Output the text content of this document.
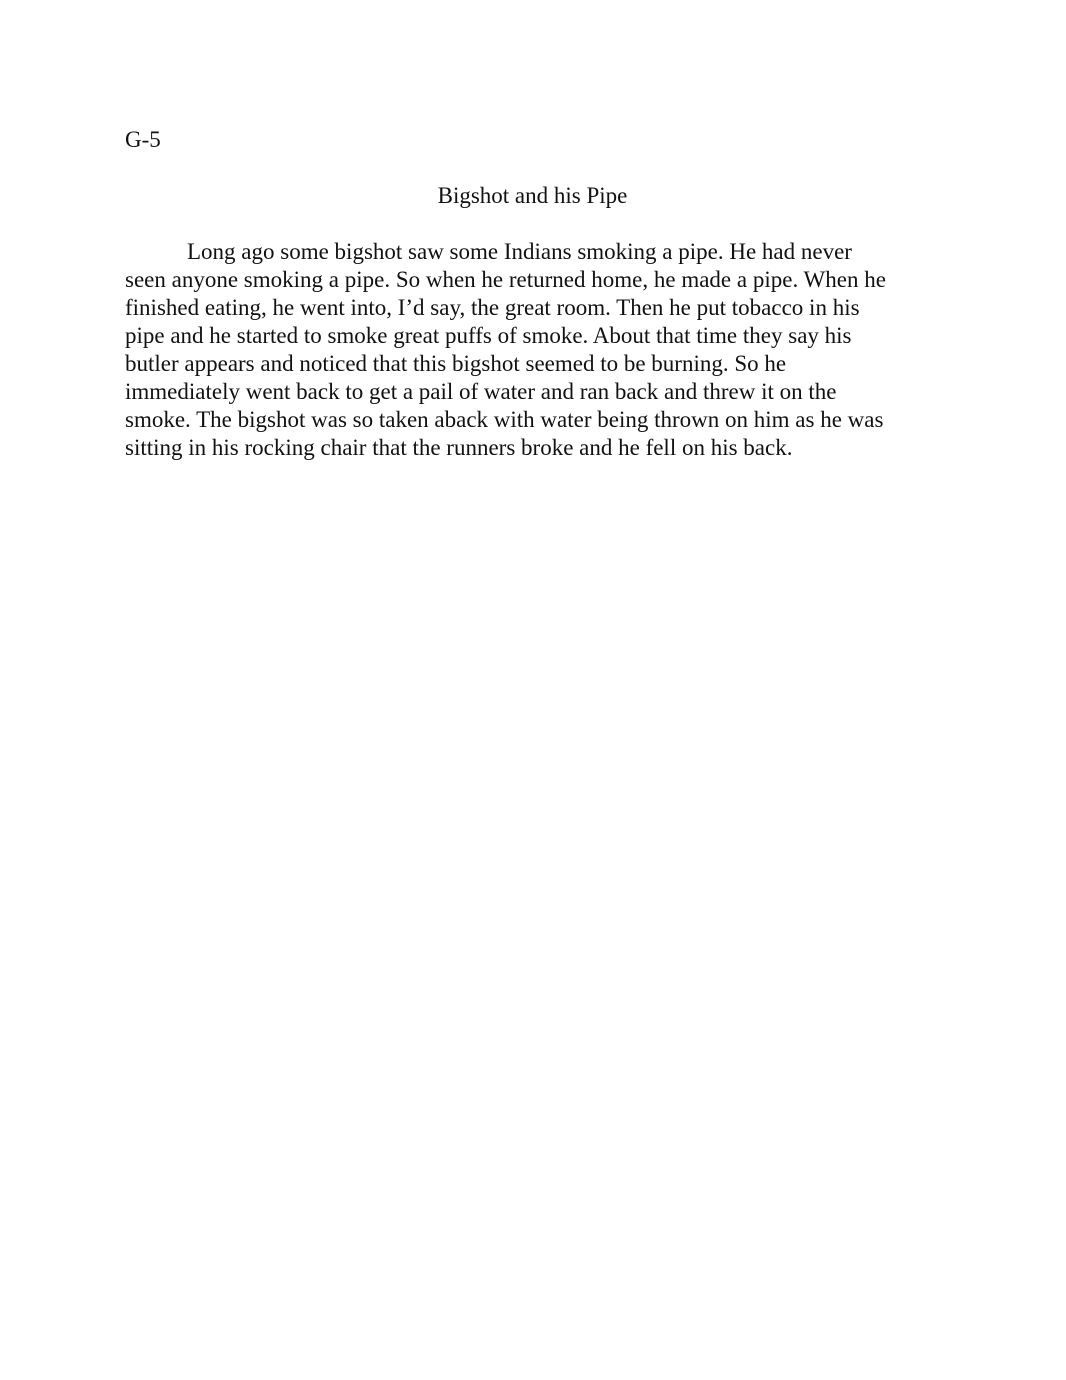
G-5

Bigshot and his Pipe
Long ago some bigshot saw some Indians smoking a pipe. He had never
seen anyone smoking a pipe. So when he returned home, he made a pipe. When he
finished eating, he went into, I’d say, the great room. Then he put tobacco in his
pipe and he started to smoke great puffs of smoke. About that time they say his
butler appears and noticed that this bigshot seemed to be burning. So he
immediately went back to get a pail of water and ran back and threw it on the
smoke. The bigshot was so taken aback with water being thrown on him as he was
sitting in his rocking chair that the runners broke and he fell on his back.
